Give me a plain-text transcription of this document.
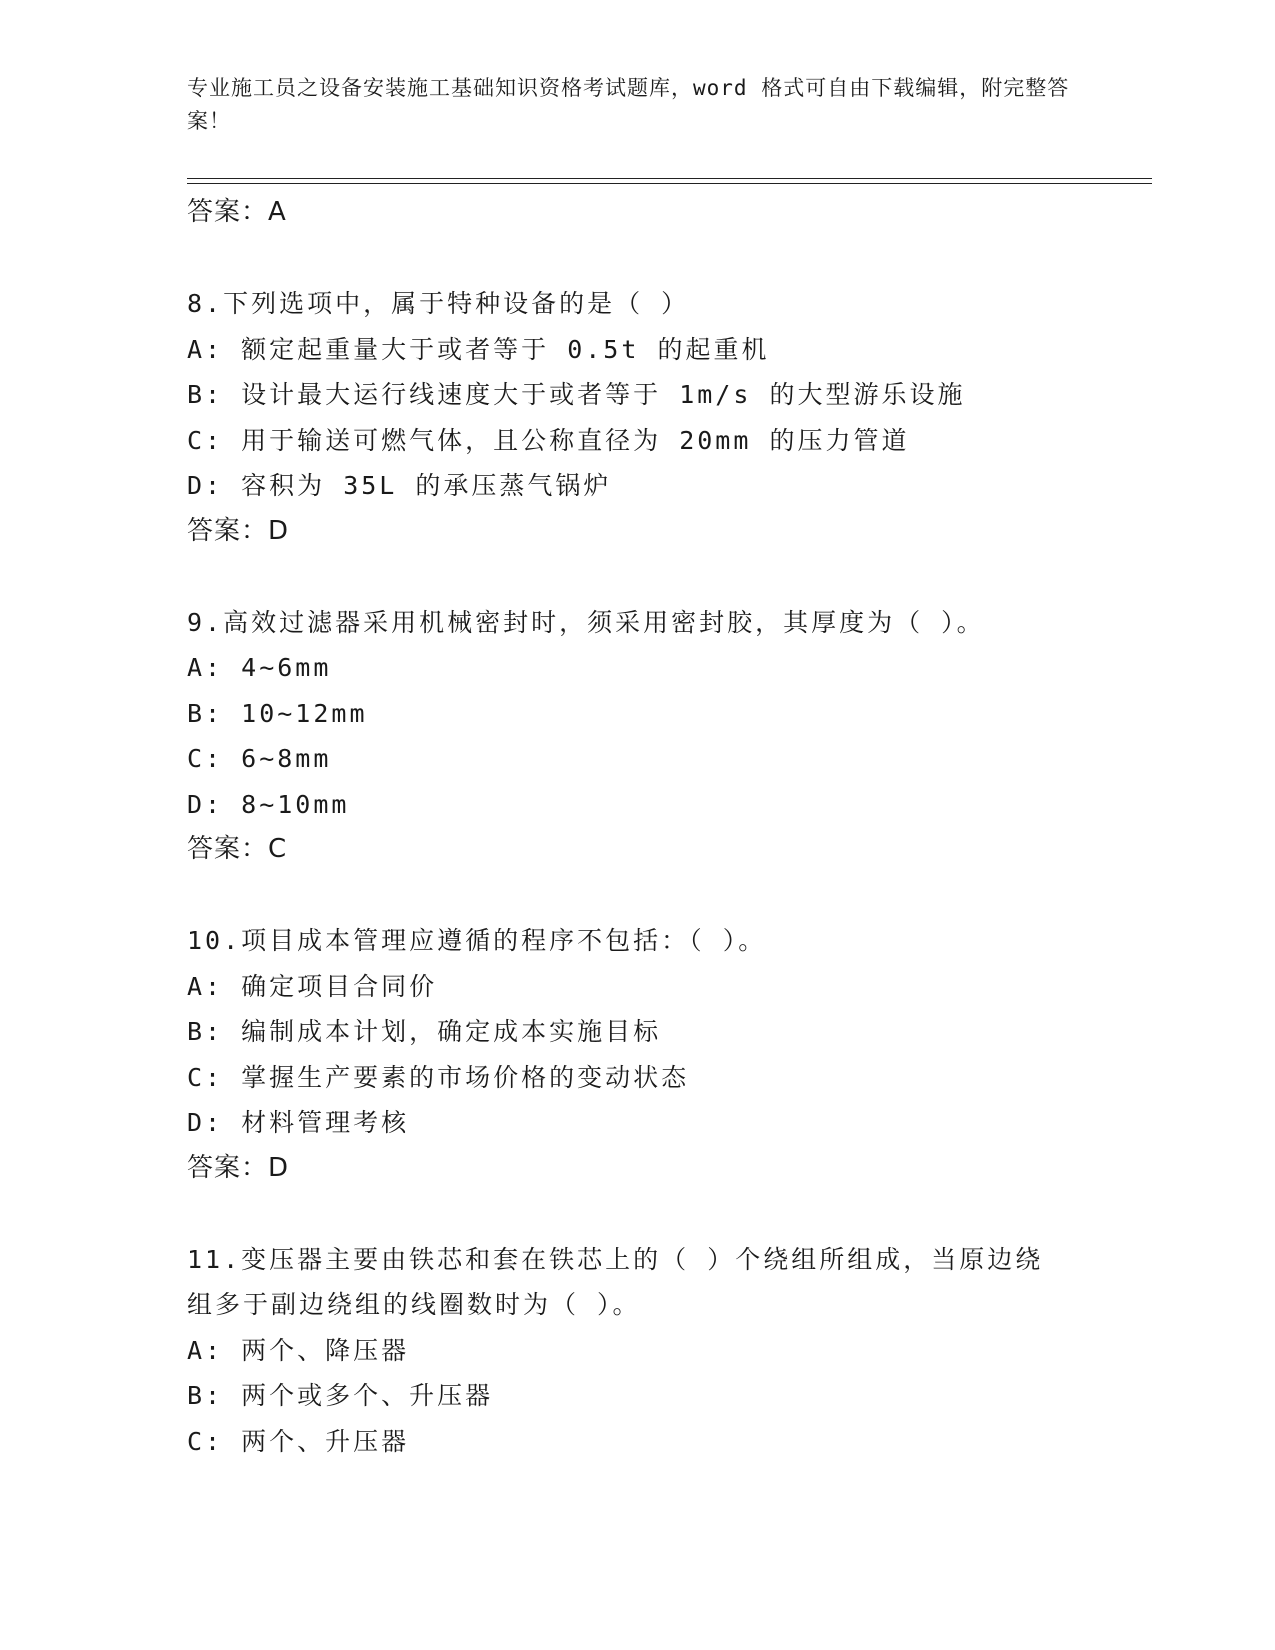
专业施工员之设备安装施工基础知识资格考试题库，word 格式可自由下载编辑，附完整答案！
答案：A
8.下列选项中，属于特种设备的是（ ）
A: 额定起重量大于或者等于 0.5t 的起重机
B: 设计最大运行线速度大于或者等于 1m/s 的大型游乐设施
C: 用于输送可燃气体，且公称直径为 20mm 的压力管道
D: 容积为 35L 的承压蒸气锅炉
答案：D
9.高效过滤器采用机械密封时，须采用密封胶，其厚度为（ ）。
A: 4~6mm
B: 10~12mm
C: 6~8mm
D: 8~10mm
答案：C
10.项目成本管理应遵循的程序不包括：（ ）。
A: 确定项目合同价
B: 编制成本计划，确定成本实施目标
C: 掌握生产要素的市场价格的变动状态
D: 材料管理考核
答案：D
11.变压器主要由铁芯和套在铁芯上的（ ）个绕组所组成，当原边绕
组多于副边绕组的线圈数时为（ ）。
A: 两个、降压器
B: 两个或多个、升压器
C: 两个、升压器
